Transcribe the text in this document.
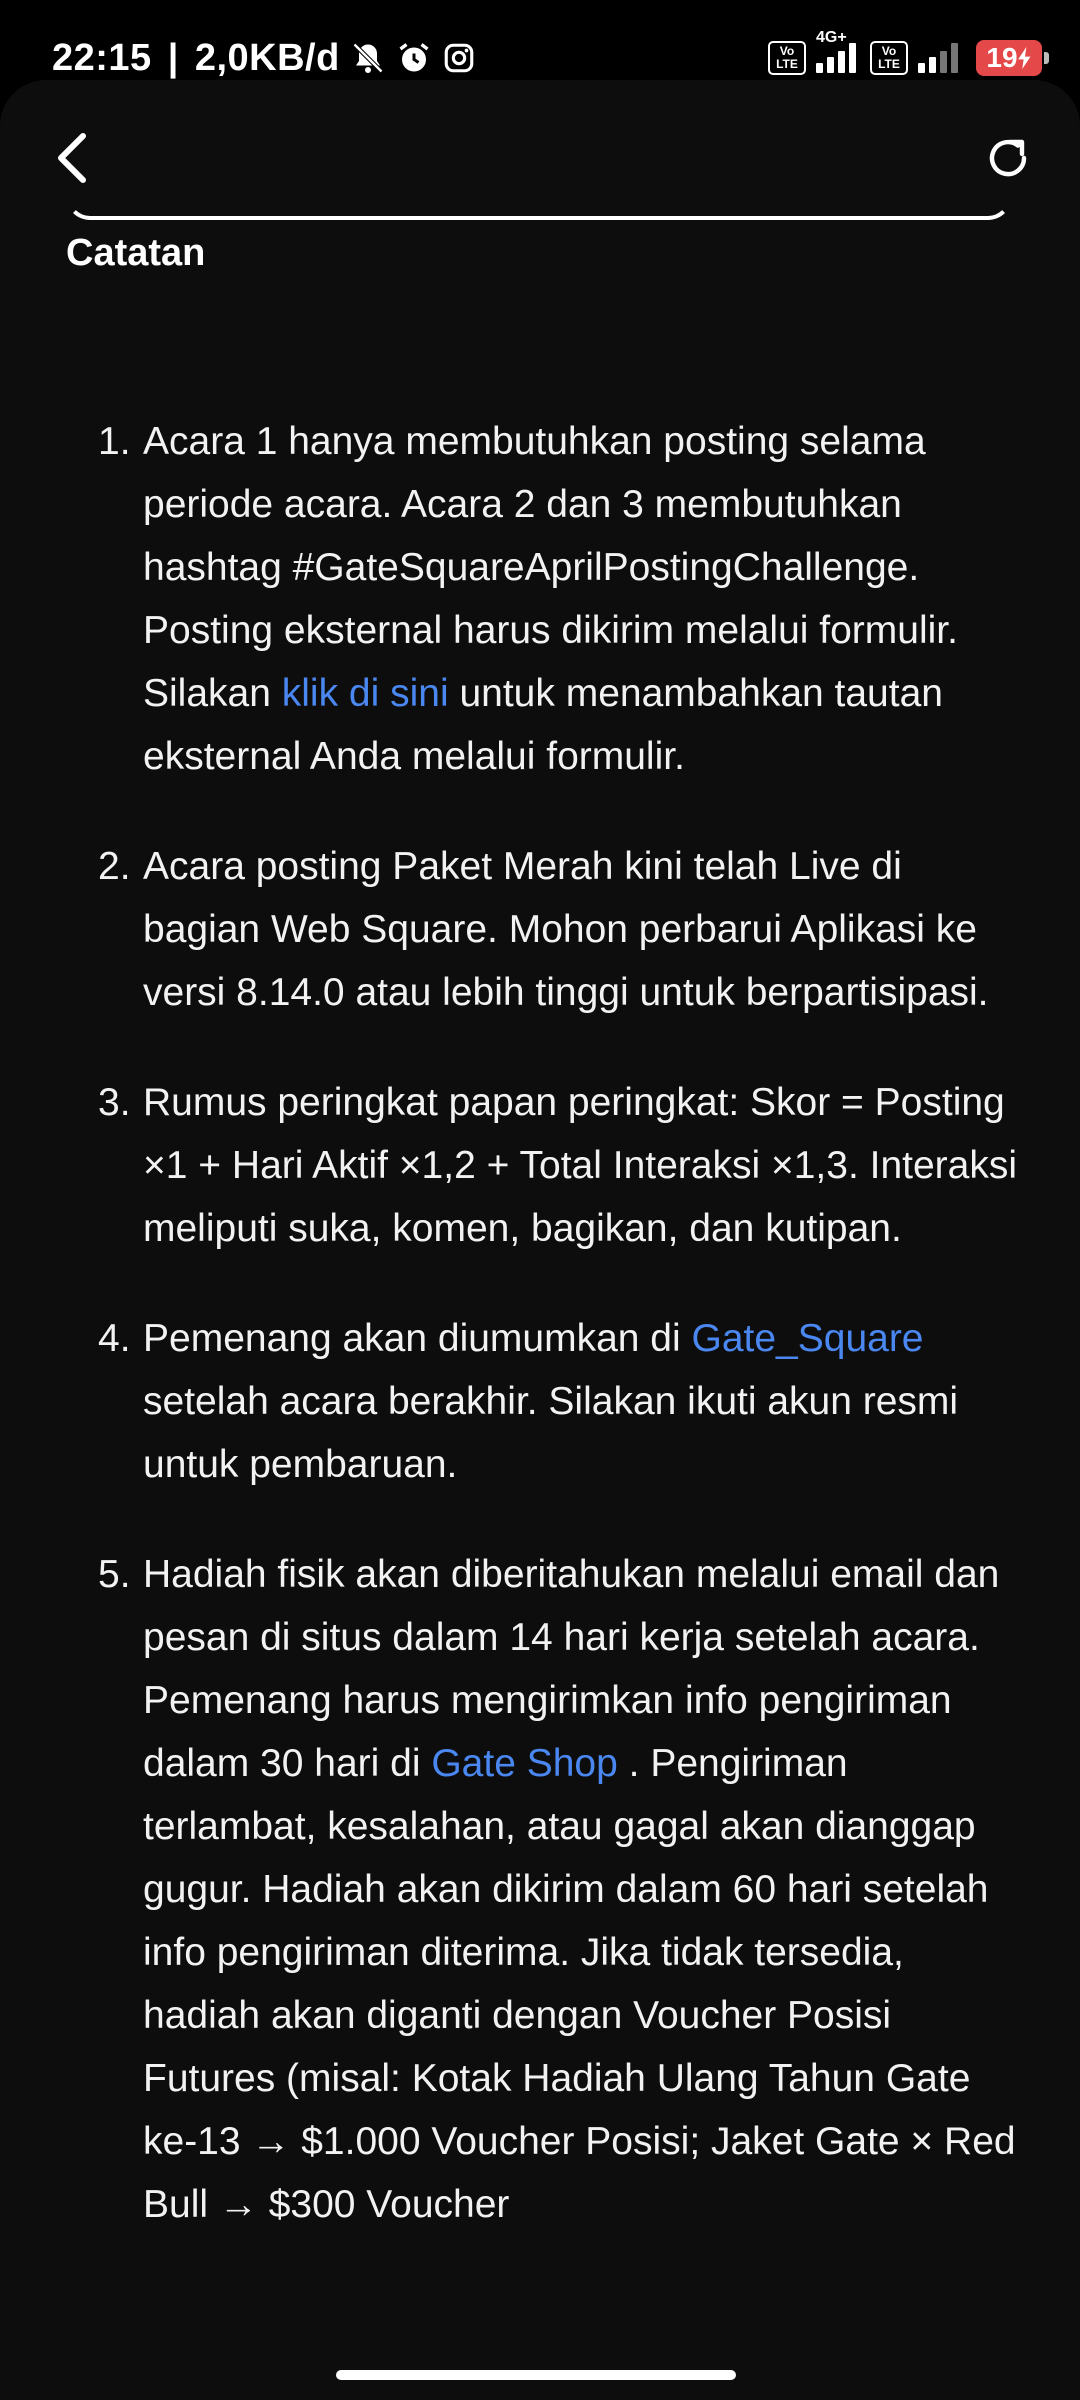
22:15 | 2,0KB/d	Vo
LTE
4G+
Vo
LTE	19
Catatan
1. Acara 1 hanya membutuhkan posting selama periode acara. Acara 2 dan 3 membutuhkan hashtag #GateSquareAprilPostingChallenge. Posting eksternal harus dikirim melalui formulir. Silakan klik di sini untuk menambahkan tautan eksternal Anda melalui formulir.
2. Acara posting Paket Merah kini telah Live di bagian Web Square. Mohon perbarui Aplikasi ke versi 8.14.0 atau lebih tinggi untuk berpartisipasi.
3. Rumus peringkat papan peringkat: Skor = Posting ×1 + Hari Aktif ×1,2 + Total Interaksi ×1,3. Interaksi meliputi suka, komen, bagikan, dan kutipan.
4. Pemenang akan diumumkan di Gate_Square setelah acara berakhir. Silakan ikuti akun resmi untuk pembaruan.
5. Hadiah fisik akan diberitahukan melalui email dan pesan di situs dalam 14 hari kerja setelah acara. Pemenang harus mengirimkan info pengiriman dalam 30 hari di Gate Shop . Pengiriman terlambat, kesalahan, atau gagal akan dianggap gugur. Hadiah akan dikirim dalam 60 hari setelah info pengiriman diterima. Jika tidak tersedia, hadiah akan diganti dengan Voucher Posisi Futures (misal: Kotak Hadiah Ulang Tahun Gate ke-13 → $1.000 Voucher Posisi; Jaket Gate × Red Bull → $300 Voucher
